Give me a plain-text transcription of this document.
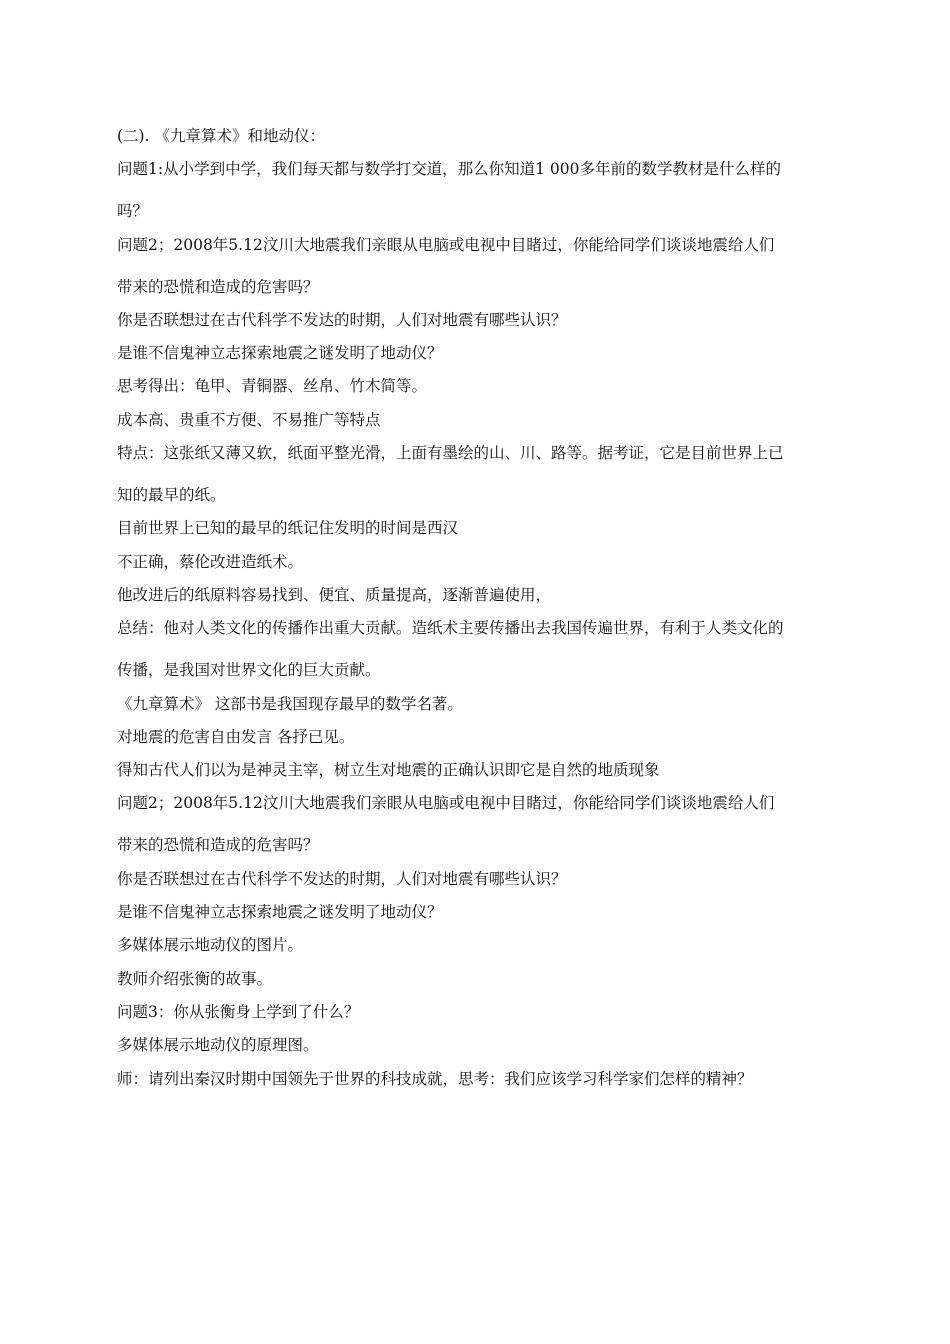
(二). 《九章算术》和地动仪：
问题1:从小学到中学，我们每天都与数学打交道，那么你知道1 000多年前的数学教材是什么样的
吗？
问题2；2008年5.12汶川大地震我们亲眼从电脑或电视中目睹过，你能给同学们谈谈地震给人们
带来的恐慌和造成的危害吗？
你是否联想过在古代科学不发达的时期，人们对地震有哪些认识？
是谁不信鬼神立志探索地震之谜发明了地动仪？
思考得出：龟甲、青铜器、丝帛、竹木简等。
成本高、贵重不方便、不易推广等特点
特点：这张纸又薄又软，纸面平整光滑，上面有墨绘的山、川、路等。据考证，它是目前世界上已
知的最早的纸。
目前世界上已知的最早的纸记住发明的时间是西汉
不正确，蔡伦改进造纸术。
他改进后的纸原料容易找到、便宜、质量提高，逐渐普遍使用，
总结：他对人类文化的传播作出重大贡献。造纸术主要传播出去我国传遍世界，有利于人类文化的
传播，是我国对世界文化的巨大贡献。
《九章算术》 这部书是我国现存最早的数学名著。
对地震的危害自由发言 各抒已见。
得知古代人们以为是神灵主宰，树立生对地震的正确认识即它是自然的地质现象
问题2；2008年5.12汶川大地震我们亲眼从电脑或电视中目睹过，你能给同学们谈谈地震给人们
带来的恐慌和造成的危害吗？
你是否联想过在古代科学不发达的时期，人们对地震有哪些认识？
是谁不信鬼神立志探索地震之谜发明了地动仪？
多媒体展示地动仪的图片。
教师介绍张衡的故事。
问题3：你从张衡身上学到了什么？
多媒体展示地动仪的原理图。
师：请列出秦汉时期中国领先于世界的科技成就，思考：我们应该学习科学家们怎样的精神？
